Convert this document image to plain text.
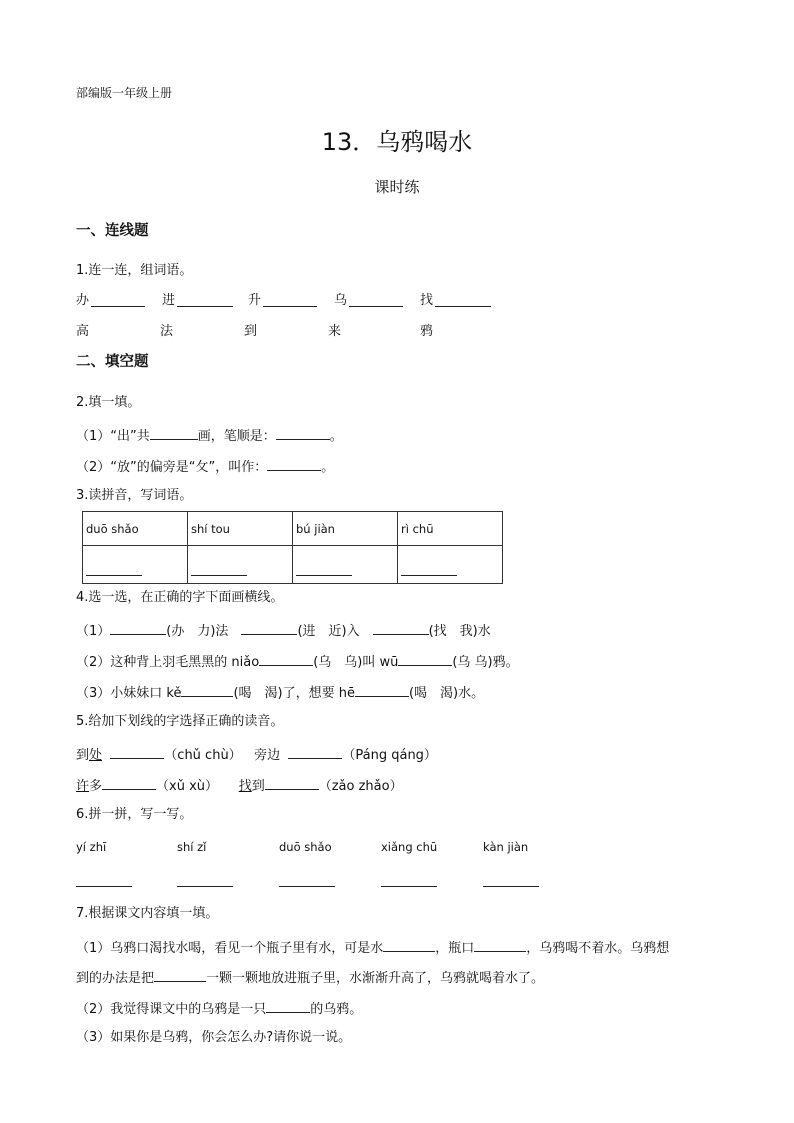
部编版一年级上册
13．乌鸦喝水
课时练
一、连线题
1.连一连，组词语。
办	进	升	乌	找
高	法	到	来	鸦
二、填空题
2.填一填。
（1）“出”共	画，笔顺是：	。
（2）“放”的偏旁是“攵”，叫作：	。
3.读拼音，写词语。
duō shǎo	shí tou	bú jiàn	rì chū

4.选一选，在正确的字下面画横线。
（1）	(办　力)法　	(进　近)入　	(找　我)水
（2）这种背上羽毛黑黑的 niǎo	(乌　乌)叫 wū	(乌 乌)鸦。
（3）小妹妹口 kě	(喝　渴)了，想要 hē	(喝　渴)水。
5.给加下划线的字选择正确的读音。
到处	（chǔ chù） 旁边	（Páng qáng）
许多	（xǔ xù） 找到	（zǎo zhǎo）
6.拼一拼，写一写。
yí zhī	shí zǐ	duō shǎo	xiǎng chū	kàn jiàn
7.根据课文内容填一填。
（1）乌鸦口渴找水喝，看见一个瓶子里有水，可是水	，瓶口	，乌鸦喝不着水。乌鸦想
到的办法是把	一颗一颗地放进瓶子里，水渐渐升高了，乌鸦就喝着水了。
（2）我觉得课文中的乌鸦是一只	的乌鸦。
（3）如果你是乌鸦，你会怎么办?请你说一说。
